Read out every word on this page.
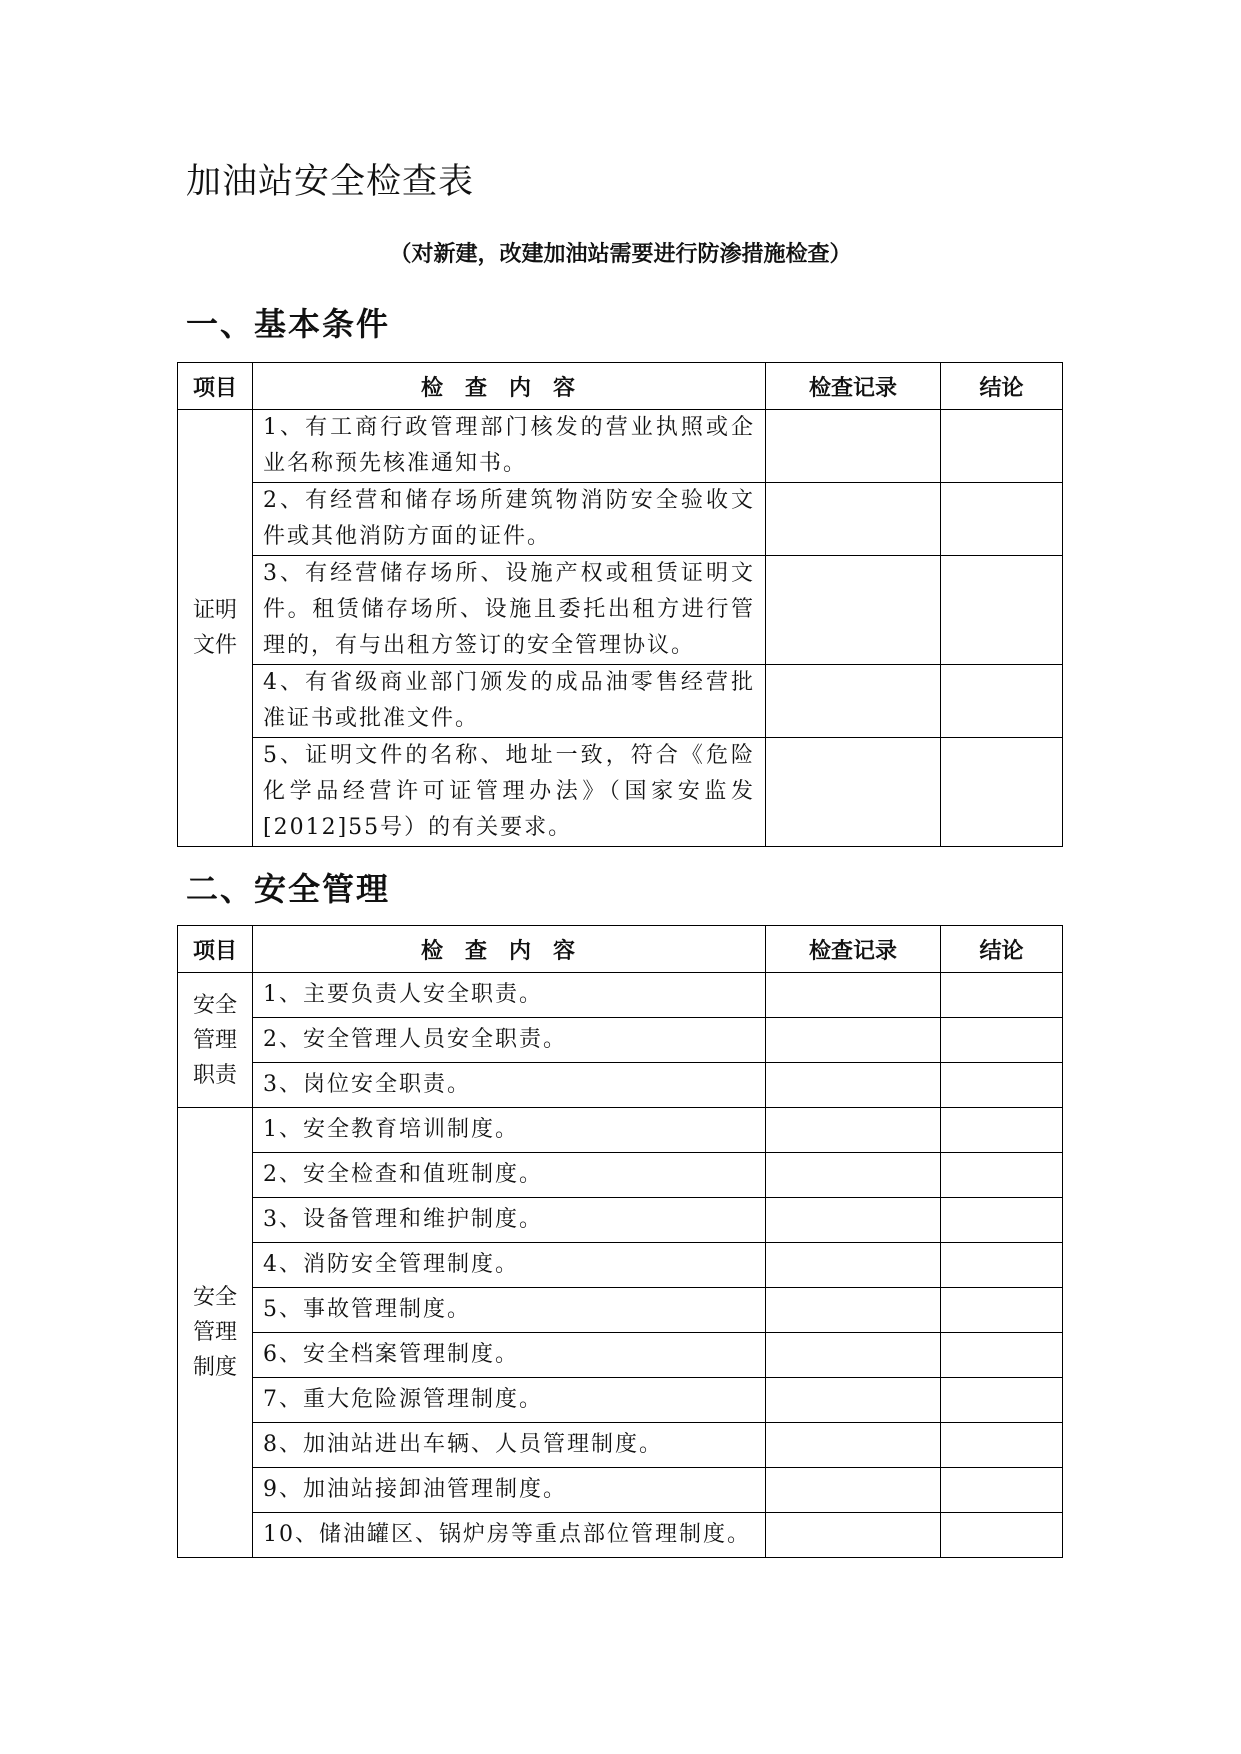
加油站安全检查表
（对新建，改建加油站需要进行防渗措施检查）
一、基本条件
项目	检查内容	检查记录	结论
证明文件	1、有工商行政管理部门核发的营业执照或企业名称预先核准通知书。		
	2、有经营和储存场所建筑物消防安全验收文件或其他消防方面的证件。		
	3、有经营储存场所、设施产权或租赁证明文件。租赁储存场所、设施且委托出租方进行管理的，有与出租方签订的安全管理协议。		
	4、有省级商业部门颁发的成品油零售经营批准证书或批准文件。		
	5、证明文件的名称、地址一致，符合《危险化学品经营许可证管理办法》（国家安监发[2012]55号）的有关要求。		
二、安全管理
项目	检查内容	检查记录	结论
安全管理职责	1、主要负责人安全职责。		
	2、安全管理人员安全职责。		
	3、岗位安全职责。		
安全管理制度	1、安全教育培训制度。		
	2、安全检查和值班制度。		
	3、设备管理和维护制度。		
	4、消防安全管理制度。		
	5、事故管理制度。		
	6、安全档案管理制度。		
	7、重大危险源管理制度。		
	8、加油站进出车辆、人员管理制度。		
	9、加油站接卸油管理制度。		
	10、储油罐区、锅炉房等重点部位管理制度。		
